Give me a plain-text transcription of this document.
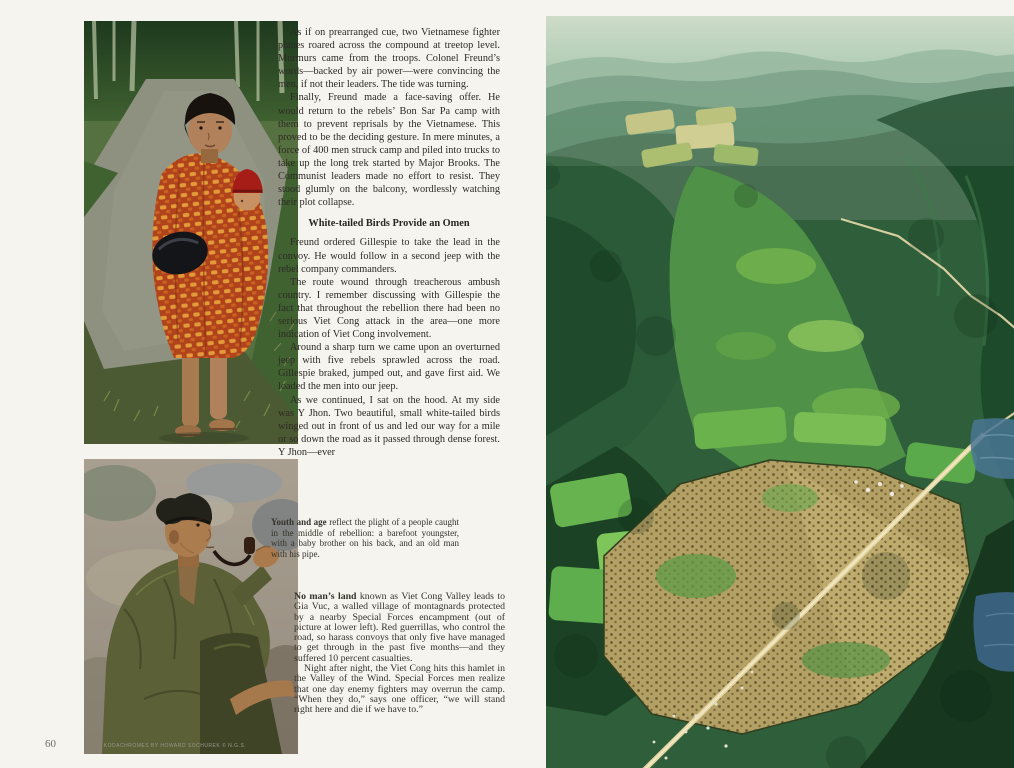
As if on prearranged cue, two Vietnamese fighter planes roared across the compound at treetop level. Murmurs came from the troops. Colonel Freund’s words—backed by air power—were convincing the men, if not their leaders. The tide was turning.

Finally, Freund made a face-saving offer. He would return to the rebels’ Bon Sar Pa camp with them to prevent reprisals by the Vietnamese. This proved to be the deciding gesture. In mere minutes, a force of 400 men struck camp and piled into trucks to take up the long trek started by Major Brooks. The Communist leaders made no effort to resist. They stood glumly on the balcony, wordlessly watching their plot collapse.

White-tailed Birds Provide an Omen

Freund ordered Gillespie to take the lead in the convoy. He would follow in a second jeep with the rebel company commanders.

The route wound through treacherous ambush country. I remember discussing with Gillespie the fact that throughout the rebellion there had been no serious Viet Cong attack in the area—one more indication of Viet Cong involvement.

Around a sharp turn we came upon an overturned jeep with five rebels sprawled across the road. Gillespie braked, jumped out, and gave first aid. We loaded the men into our jeep.

As we continued, I sat on the hood. At my side was Y Jhon. Two beautiful, small white-tailed birds winged out in front of us and led our way for a mile or so down the road as it passed through dense forest. Y Jhon—ever

Youth and age reflect the plight of a people caught in the middle of rebellion: a barefoot youngster, with a baby brother on his back, and an old man with his pipe.

No man’s land known as Viet Cong Valley leads to Gia Vuc, a walled village of montagnards protected by a nearby Special Forces encampment (out of picture at lower left). Red guerrillas, who control the road, so harass convoys that only five have managed to get through in the past five months—and they suffered 10 percent casualties.

Night after night, the Viet Cong hits this hamlet in the Valley of the Wind. Special Forces men realize that one day enemy fighters may overrun the camp. “When they do,” says one officer, “we will stand right here and die if we have to.”

60	KODACHROMES BY HOWARD SOCHUREK © N.G.S.
